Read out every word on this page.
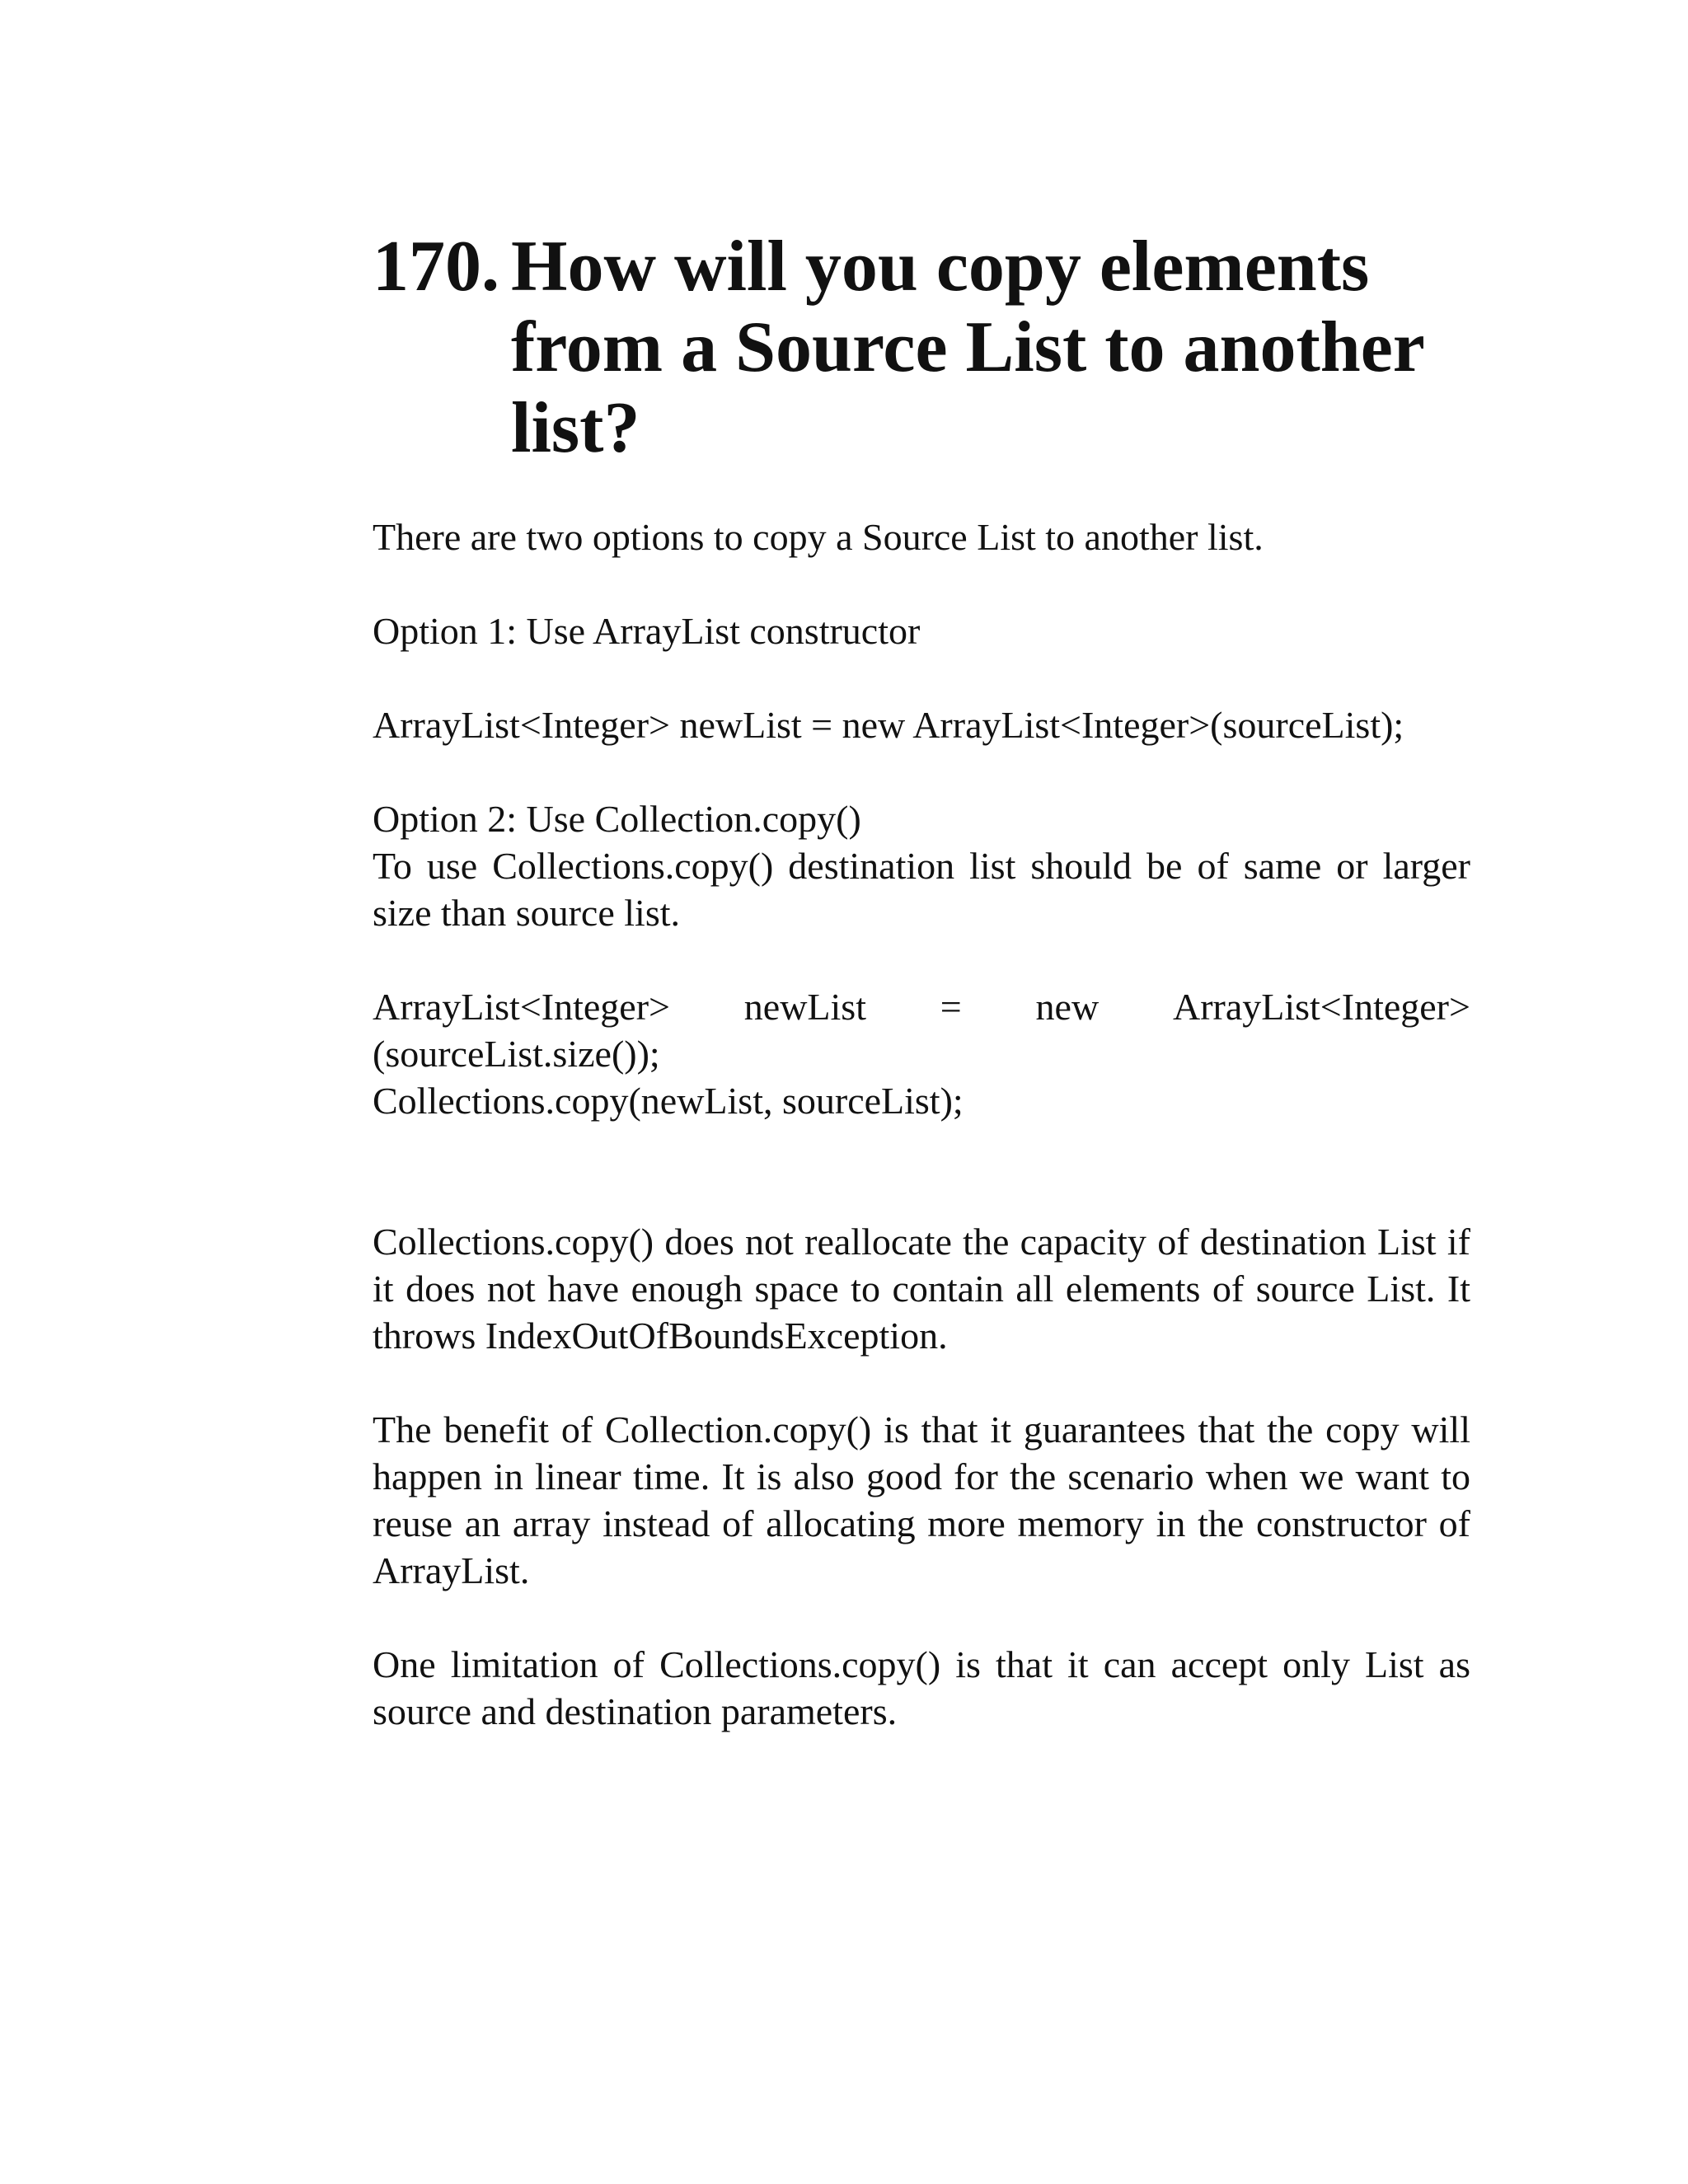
170. How will you copy elements from a Source List to another list?

There are two options to copy a Source List to another list.

Option 1: Use ArrayList constructor

ArrayList<Integer> newList = new ArrayList<Integer>(sourceList);

Option 2: Use Collection.copy()

To use Collections.copy() destination list should be of same or larger size than source list.

ArrayList<Integer> newList = new ArrayList<Integer>

(sourceList.size());

Collections.copy(newList, sourceList);

Collections.copy() does not reallocate the capacity of destination List if it does not have enough space to contain all elements of source List. It throws IndexOutOfBoundsException.

The benefit of Collection.copy() is that it guarantees that the copy will happen in linear time. It is also good for the scenario when we want to reuse an array instead of allocating more memory in the constructor of ArrayList.

One limitation of Collections.copy() is that it can accept only List as source and destination parameters.
